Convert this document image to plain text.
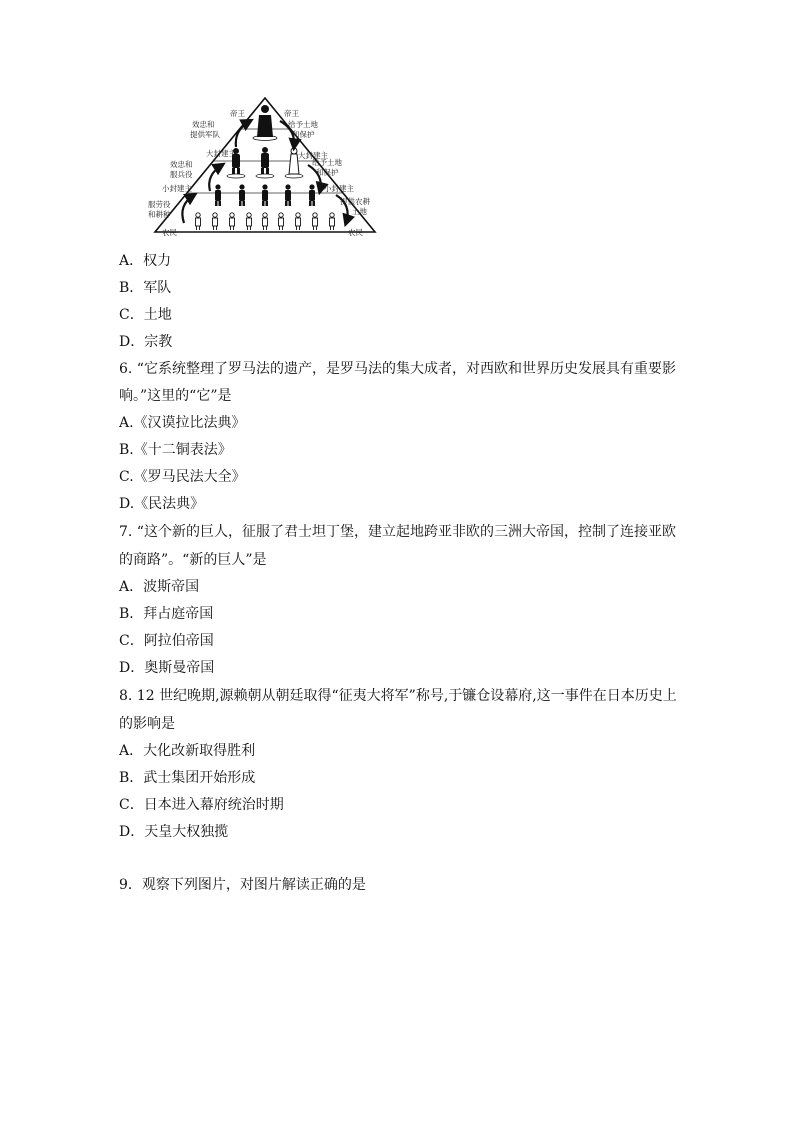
帝王	帝王
效忠和
提供军队
给予土地
和保护
大封建主	大封建主
效忠和
服兵役
给予土地
和保护
小封建主	小封建主
服劳役
和耕种
提供农耕
土地
农民	农民
A．权力
B．军队
C．土地
D．宗教
6. “它系统整理了罗马法的遗产，是罗马法的集大成者，对西欧和世界历史发展具有重要影
响。”这里的“它”是
A.《汉谟拉比法典》
B.《十二铜表法》
C.《罗马民法大全》
D.《民法典》
7. “这个新的巨人，征服了君士坦丁堡，建立起地跨亚非欧的三洲大帝国，控制了连接亚欧
的商路”。“新的巨人”是
A．波斯帝国
B．拜占庭帝国
C．阿拉伯帝国
D．奥斯曼帝国
8. 12 世纪晚期,源赖朝从朝廷取得“征夷大将军”称号,于镰仓设幕府,这一事件在日本历史上
的影响是
A．大化改新取得胜利
B．武士集团开始形成
C．日本进入幕府统治时期
D．天皇大权独揽
9．观察下列图片，对图片解读正确的是
